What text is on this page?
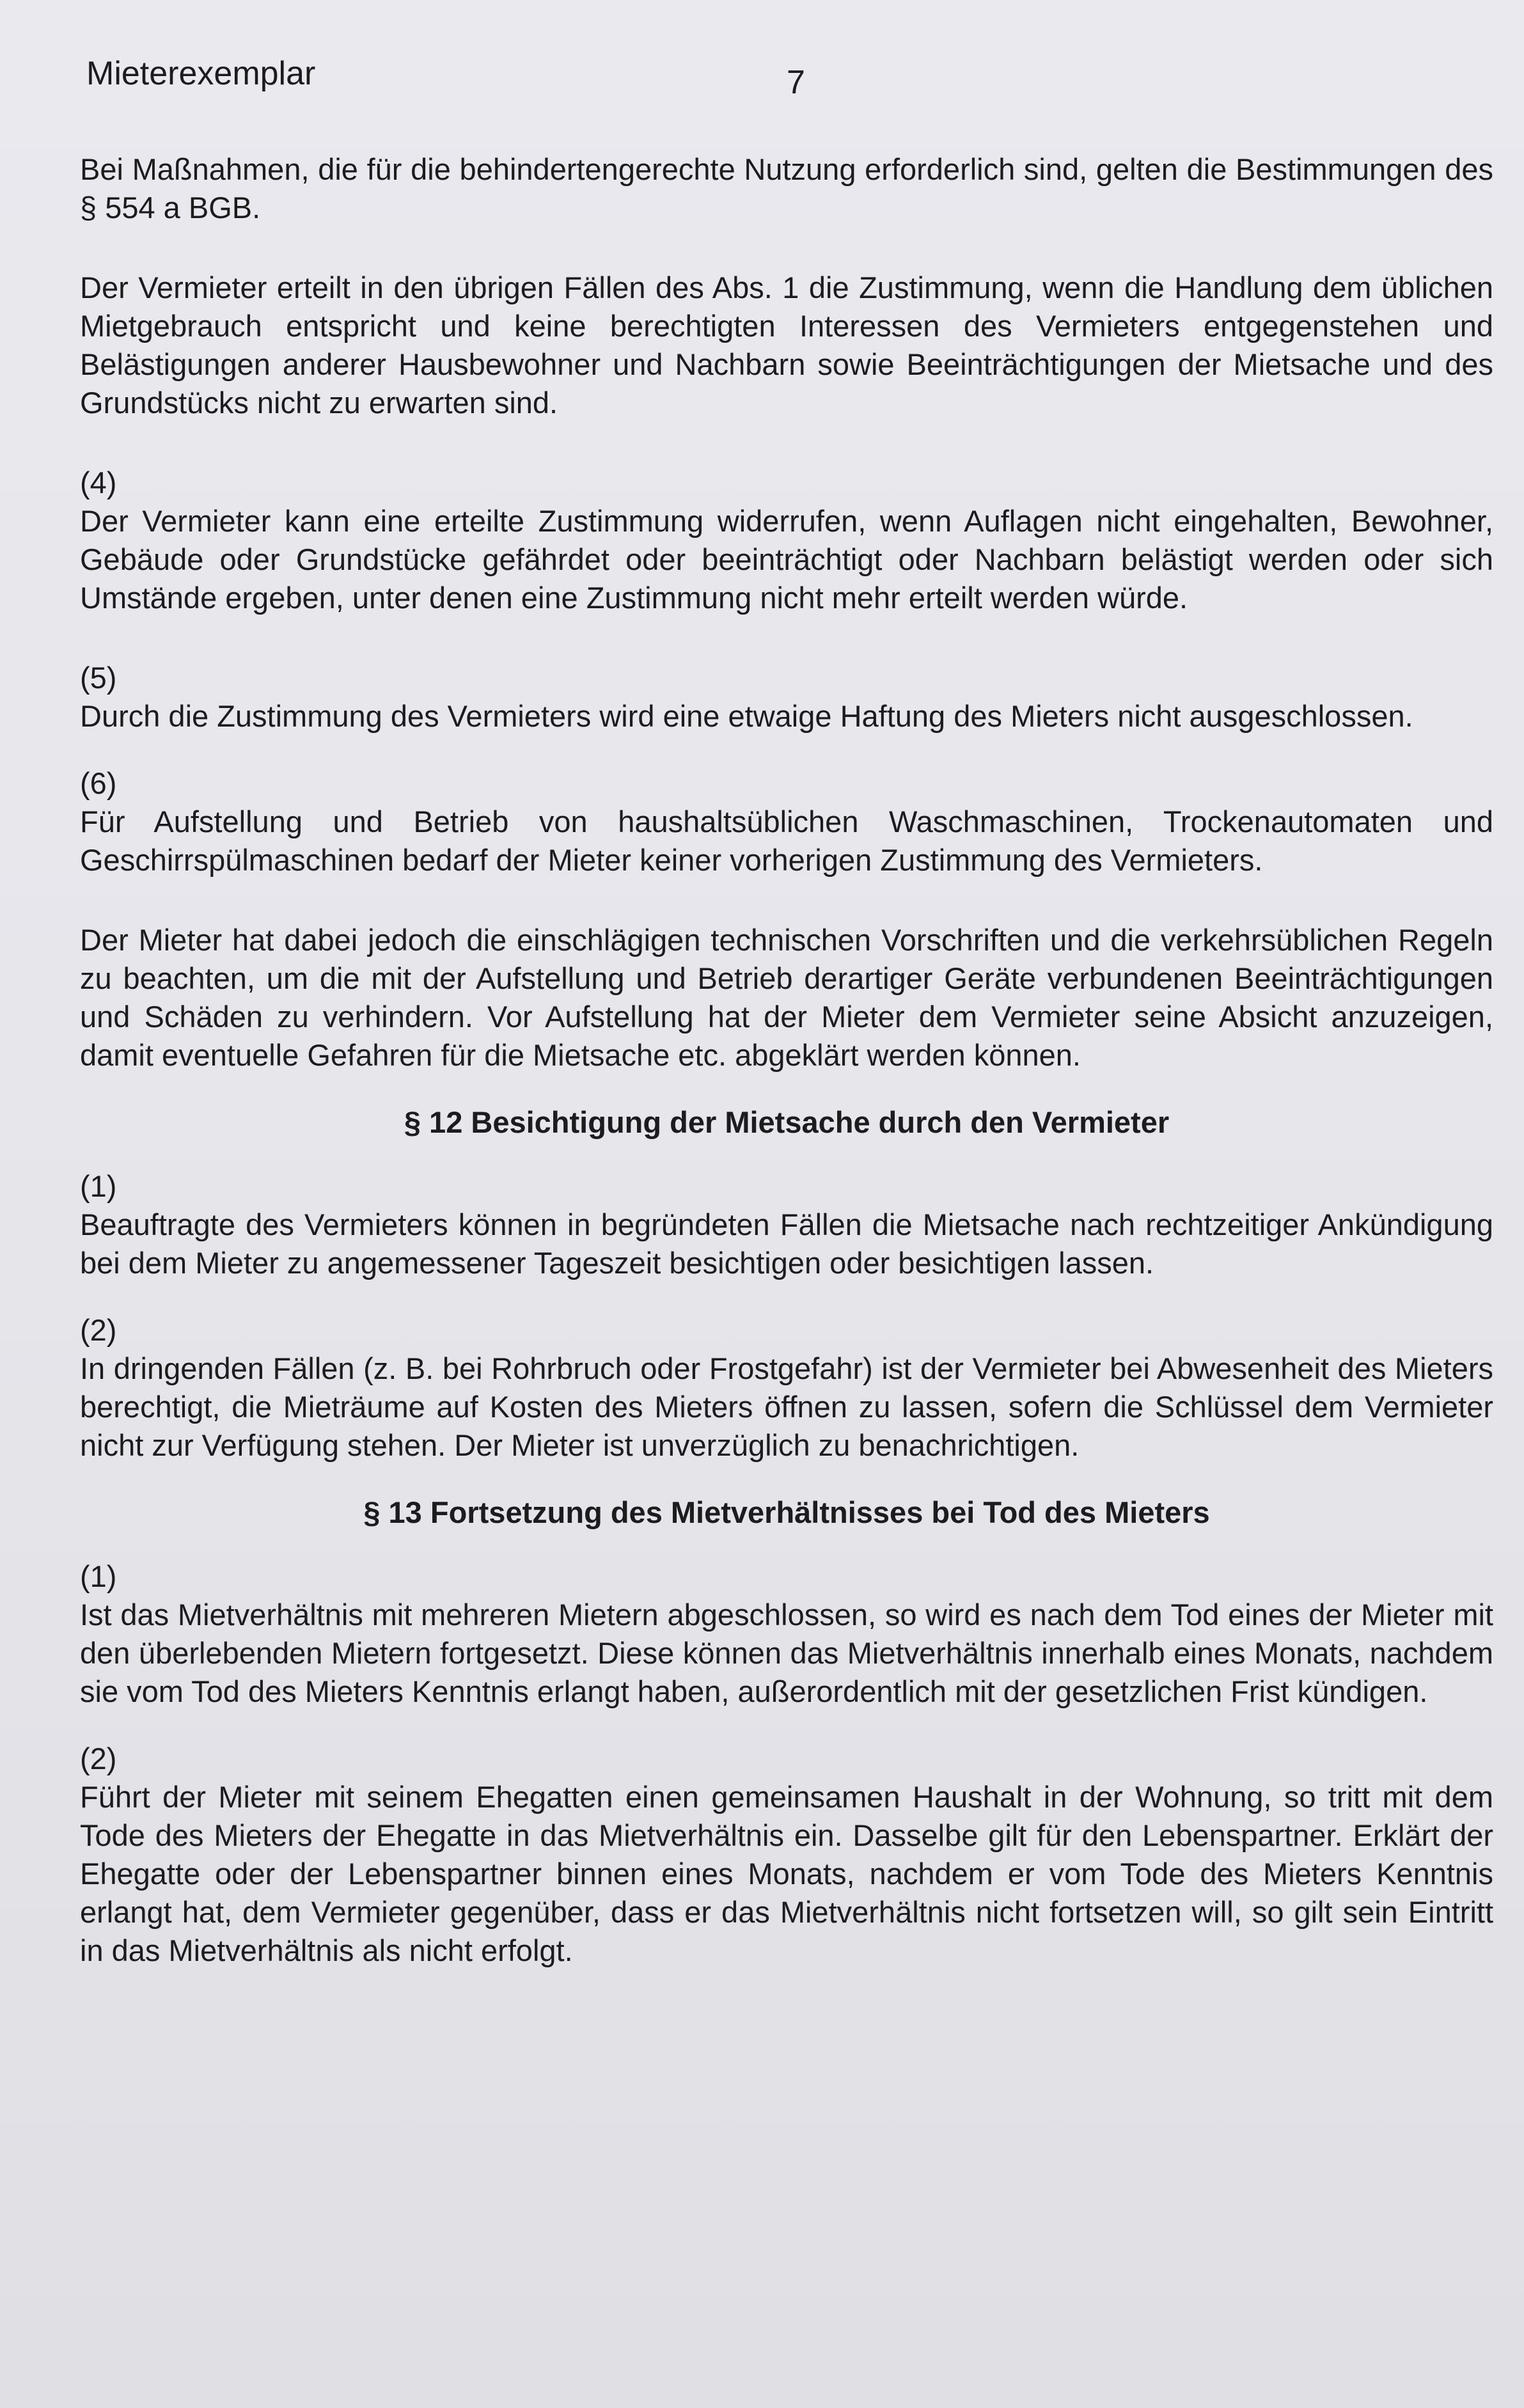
Mieterexemplar	7

Bei Maßnahmen, die für die behindertengerechte Nutzung erforderlich sind, gelten die Bestimmungen des § 554 a BGB.

Der Vermieter erteilt in den übrigen Fällen des Abs. 1 die Zustimmung, wenn die Handlung dem üblichen Mietgebrauch entspricht und keine berechtigten Interessen des Vermieters entgegenstehen und Belästigungen anderer Hausbewohner und Nachbarn sowie Beeinträchtigungen der Mietsache und des Grundstücks nicht zu erwarten sind.

(4)

Der Vermieter kann eine erteilte Zustimmung widerrufen, wenn Auflagen nicht eingehalten, Bewohner, Gebäude oder Grundstücke gefährdet oder beeinträchtigt oder Nachbarn belästigt werden oder sich Umstände ergeben, unter denen eine Zustimmung nicht mehr erteilt werden würde.

(5)

Durch die Zustimmung des Vermieters wird eine etwaige Haftung des Mieters nicht ausgeschlossen.

(6)

Für Aufstellung und Betrieb von haushaltsüblichen Waschmaschinen, Trockenautomaten und Geschirrspülmaschinen bedarf der Mieter keiner vorherigen Zustimmung des Vermieters.

Der Mieter hat dabei jedoch die einschlägigen technischen Vorschriften und die verkehrsüblichen Regeln zu beachten, um die mit der Aufstellung und Betrieb derartiger Geräte verbundenen Beeinträchtigungen und Schäden zu verhindern. Vor Aufstellung hat der Mieter dem Vermieter seine Absicht anzuzeigen, damit eventuelle Gefahren für die Mietsache etc. abgeklärt werden können.

§ 12 Besichtigung der Mietsache durch den Vermieter

(1)

Beauftragte des Vermieters können in begründeten Fällen die Mietsache nach rechtzeitiger Ankündigung bei dem Mieter zu angemessener Tageszeit besichtigen oder besichtigen lassen.

(2)

In dringenden Fällen (z. B. bei Rohrbruch oder Frostgefahr) ist der Vermieter bei Abwesenheit des Mieters berechtigt, die Mieträume auf Kosten des Mieters öffnen zu lassen, sofern die Schlüssel dem Vermieter nicht zur Verfügung stehen. Der Mieter ist unverzüglich zu benachrichtigen.

§ 13 Fortsetzung des Mietverhältnisses bei Tod des Mieters

(1)

Ist das Mietverhältnis mit mehreren Mietern abgeschlossen, so wird es nach dem Tod eines der Mieter mit den überlebenden Mietern fortgesetzt. Diese können das Mietverhältnis innerhalb eines Monats, nachdem sie vom Tod des Mieters Kenntnis erlangt haben, außerordentlich mit der gesetzlichen Frist kündigen.

(2)

Führt der Mieter mit seinem Ehegatten einen gemeinsamen Haushalt in der Wohnung, so tritt mit dem Tode des Mieters der Ehegatte in das Mietverhältnis ein. Dasselbe gilt für den Lebenspartner. Erklärt der Ehegatte oder der Lebenspartner binnen eines Monats, nachdem er vom Tode des Mieters Kenntnis erlangt hat, dem Vermieter gegenüber, dass er das Mietverhältnis nicht fortsetzen will, so gilt sein Eintritt in das Mietverhältnis als nicht erfolgt.
